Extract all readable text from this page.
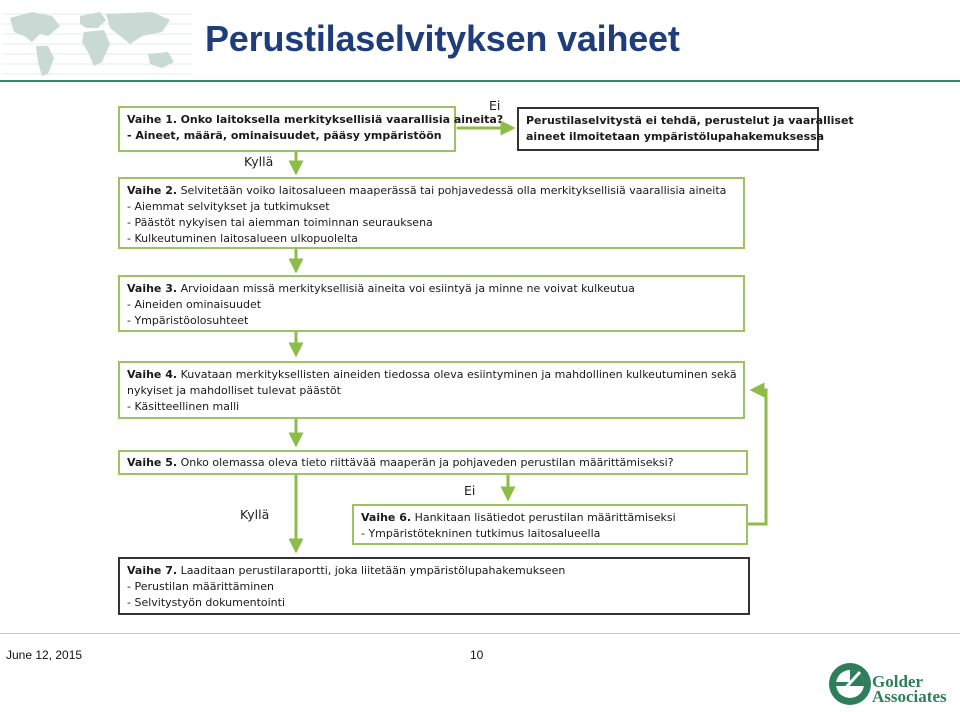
Perustilaselvityksen vaiheet
Vaihe 1. Onko laitoksella merkityksellisiä vaarallisia aineita?
- Aineet, määrä, ominaisuudet, pääsy ympäristöön
Perustilaselvitystä ei tehdä, perustelut ja vaaralliset
aineet ilmoitetaan ympäristölupahakemuksessa
Ei
Kyllä
Vaihe 2. Selvitetään voiko laitosalueen maaperässä tai pohjavedessä olla merkityksellisiä vaarallisia aineita
- Aiemmat selvitykset ja tutkimukset
- Päästöt nykyisen tai aiemman toiminnan seurauksena
- Kulkeutuminen laitosalueen ulkopuolelta
Vaihe 3. Arvioidaan missä merkityksellisiä aineita voi esiintyä ja minne ne voivat kulkeutua
- Aineiden ominaisuudet
- Ympäristöolosuhteet
Vaihe 4. Kuvataan merkityksellisten aineiden tiedossa oleva esiintyminen ja mahdollinen kulkeutuminen sekä
nykyiset ja mahdolliset tulevat päästöt
- Käsitteellinen malli
Vaihe 5. Onko olemassa oleva tieto riittävää maaperän ja pohjaveden perustilan määrittämiseksi?
Ei
Kyllä	Vaihe 6. Hankitaan lisätiedot perustilan määrittämiseksi
- Ympäristötekninen tutkimus laitosalueella
Vaihe 7. Laaditaan perustilaraportti, joka liitetään ympäristölupahakemukseen
- Perustilan määrittäminen
- Selvitystyön dokumentointi
June 12, 2015	10
Golder
Associates
